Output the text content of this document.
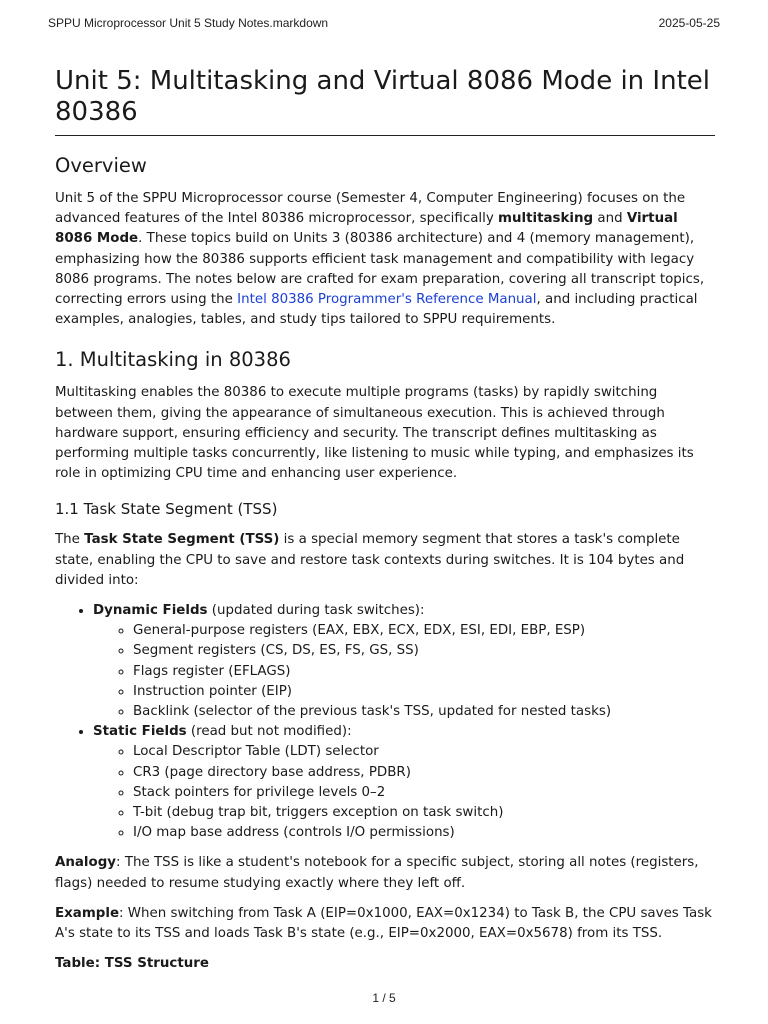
SPPU Microprocessor Unit 5 Study Notes.markdown	2025-05-25
Unit 5: Multitasking and Virtual 8086 Mode in Intel 80386
Overview

Unit 5 of the SPPU Microprocessor course (Semester 4, Computer Engineering) focuses on the advanced features of the Intel 80386 microprocessor, specifically multitasking and Virtual 8086 Mode. These topics build on Units 3 (80386 architecture) and 4 (memory management), emphasizing how the 80386 supports efficient task management and compatibility with legacy 8086 programs. The notes below are crafted for exam preparation, covering all transcript topics, correcting errors using the Intel 80386 Programmer's Reference Manual, and including practical examples, analogies, tables, and study tips tailored to SPPU requirements.

1. Multitasking in 80386

Multitasking enables the 80386 to execute multiple programs (tasks) by rapidly switching between them, giving the appearance of simultaneous execution. This is achieved through hardware support, ensuring efficiency and security. The transcript defines multitasking as performing multiple tasks concurrently, like listening to music while typing, and emphasizes its role in optimizing CPU time and enhancing user experience.

1.1 Task State Segment (TSS)

The Task State Segment (TSS) is a special memory segment that stores a task's complete state, enabling the CPU to save and restore task contexts during switches. It is 104 bytes and divided into:

• Dynamic Fields (updated during task switches):
◦ General-purpose registers (EAX, EBX, ECX, EDX, ESI, EDI, EBP, ESP)
◦ Segment registers (CS, DS, ES, FS, GS, SS)
◦ Flags register (EFLAGS)
◦ Instruction pointer (EIP)
◦ Backlink (selector of the previous task's TSS, updated for nested tasks)
• Static Fields (read but not modified):
◦ Local Descriptor Table (LDT) selector
◦ CR3 (page directory base address, PDBR)
◦ Stack pointers for privilege levels 0–2
◦ T-bit (debug trap bit, triggers exception on task switch)
◦ I/O map base address (controls I/O permissions)

Analogy: The TSS is like a student's notebook for a specific subject, storing all notes (registers, flags) needed to resume studying exactly where they left off.

Example: When switching from Task A (EIP=0x1000, EAX=0x1234) to Task B, the CPU saves Task A's state to its TSS and loads Task B's state (e.g., EIP=0x2000, EAX=0x5678) from its TSS.

Table: TSS Structure

1 / 5
